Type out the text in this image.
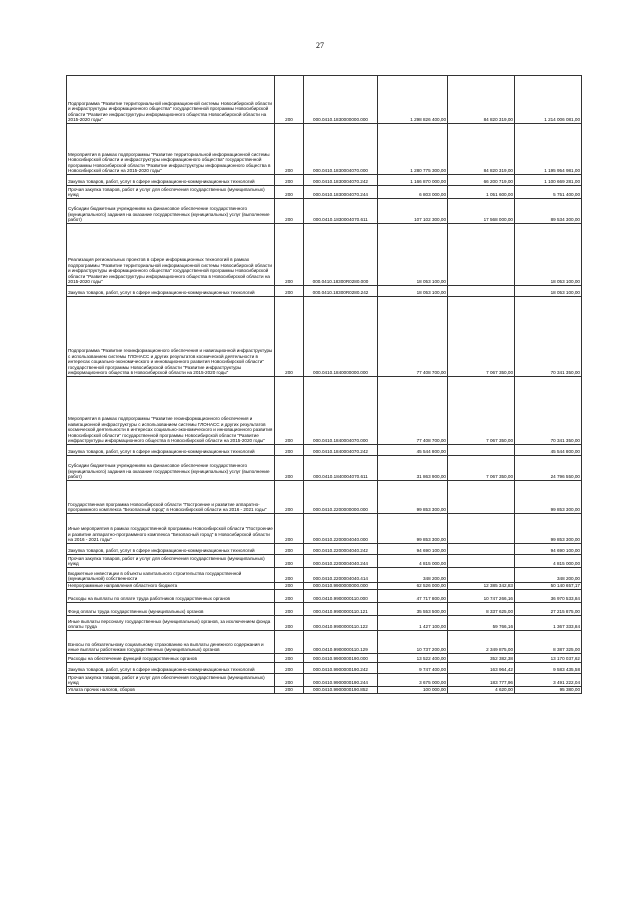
27
Подпрограмма "Развитие территориальной информационной системы Новосибирской области и инфраструктуры информационного общества" государственной программы Новосибирской области "Развитие инфраструктуры информационного общества Новосибирской области на 2015-2020 годы"	200	000.0410.1830000000.000	1 298 826 400,00	84 820 319,00	1 214 006 081,00
Мероприятия в рамках подпрограммы "Развитие территориальной информационной системы Новосибирской области и инфраструктуры информационного общества" государственной программы Новосибирской области "Развитие инфраструктуры информационного общества в Новосибирской области на 2015-2020 годы"	200	000.0410.1830004070.000	1 280 775 300,00	84 820 319,00	1 195 954 981,00
Закупка товаров, работ, услуг в сфере информационно-коммуникационных технологий	200	000.0410.1830004070.242	1 166 870 000,00	66 200 719,00	1 100 669 281,00
Прочая закупка товаров, работ и услуг для обеспечения государственных (муниципальных) нужд	200	000.0410.1830004070.244	6 803 000,00	1 051 600,00	5 751 400,00
Субсидии бюджетным учреждениям на финансовое обеспечение государственного (муниципального) задания на оказание государственных (муниципальных) услуг (выполнение работ)	200	000.0410.1830004070.611	107 102 300,00	17 568 000,00	89 534 300,00
Реализация региональных проектов в сфере информационных технологий в рамках подпрограммы "Развитие территориальной информационной системы Новосибирской области и инфраструктуры информационного общества" государственной программы Новосибирской области "Развитие инфраструктуры информационного общества в Новосибирской области на 2015-2020 годы"	200	000.0410.18300R0280.000	18 053 100,00		18 053 100,00
Закупка товаров, работ, услуг в сфере информационно-коммуникационных технологий	200	000.0410.18300R0280.242	18 053 100,00		18 053 100,00
Подпрограмма "Развитие геоинформационного обеспечения и навигационной инфраструктуры с использованием системы ГЛОНАСС и других результатов космической деятельности в интересах социально-экономического и инновационного развития Новосибирской области" государственной программы Новосибирской области "Развитие инфраструктуры информационного общества в Новосибирской области на 2015-2020 годы"	200	000.0410.1840000000.000	77 408 700,00	7 067 350,00	70 341 350,00
Мероприятия в рамках подпрограммы "Развитие геоинформационного обеспечения и навигационной инфраструктуры с использованием системы ГЛОНАСС и других результатов космической деятельности в интересах социально-экономического и инновационного развития Новосибирской области" государственной программы Новосибирской области "Развитие инфраструктуры информационного общества в Новосибирской области на 2015-2020 годы"	200	000.0410.1840004070.000	77 408 700,00	7 067 350,00	70 341 350,00
Закупка товаров, работ, услуг в сфере информационно-коммуникационных технологий	200	000.0410.1840004070.242	45 544 800,00		45 544 800,00
Субсидии бюджетным учреждениям на финансовое обеспечение государственного (муниципального) задания на оказание государственных (муниципальных) услуг (выполнение работ)	200	000.0410.1840004070.611	31 863 900,00	7 067 350,00	24 796 550,00
Государственная программа Новосибирской области "Построение и развитие аппаратно-программного комплекса "Безопасный город" в Новосибирской области на 2016 - 2021 годы"	200	000.0410.2200000000.000	99 853 300,00		99 853 300,00
Иные мероприятия в рамках государственной программы Новосибирской области "Построение и развитие аппаратно-программного комплекса "Безопасный город" в Новосибирской области на 2016 - 2021 годы"	200	000.0410.2200004040.000	99 853 300,00		99 853 300,00
Закупка товаров, работ, услуг в сфере информационно-коммуникационных технологий	200	000.0410.2200004040.242	94 690 100,00		94 690 100,00
Прочая закупка товаров, работ и услуг для обеспечения государственных (муниципальных) нужд	200	000.0410.2200004040.244	4 815 000,00		4 815 000,00
Бюджетные инвестиции в объекты капитального строительства государственной (муниципальной) собственности	200	000.0410.2200004040.414	348 200,00		348 200,00
Непрограммные направления областного бюджета	200	000.0410.9900000000.000	62 526 000,00	12 385 342,83	50 140 657,17
Расходы на выплаты по оплате труда работников государственных органов	200	000.0410.9900000110.000	47 717 800,00	10 747 266,16	36 970 533,84
Фонд оплаты труда государственных (муниципальных) органов	200	000.0410.9900000110.121	35 553 500,00	8 337 625,00	27 215 875,00
Иные выплаты персоналу государственных (муниципальных) органов, за исключением фонда оплаты труда	200	000.0410.9900000110.122	1 427 100,00	59 766,16	1 367 333,84
Взносы по обязательному социальному страхованию на выплаты денежного содержания и иные выплаты работникам государственных (муниципальных) органов	200	000.0410.9900000110.129	10 737 200,00	2 349 875,00	8 387 325,00
Расходы на обеспечение функций государственных органов	200	000.0410.9900000190.000	13 522 400,00	352 382,38	13 170 037,62
Закупка товаров, работ, услуг в сфере информационно-коммуникационных технологий	200	000.0410.9900000190.242	9 747 400,00	163 964,42	9 583 435,58
Прочая закупка товаров, работ и услуг для обеспечения государственных (муниципальных) нужд	200	000.0410.9900000190.244	3 675 000,00	183 777,96	3 491 222,04
Уплата прочих налогов, сборов	200	000.0410.9900000190.852	100 000,00	4 620,00	95 380,00
